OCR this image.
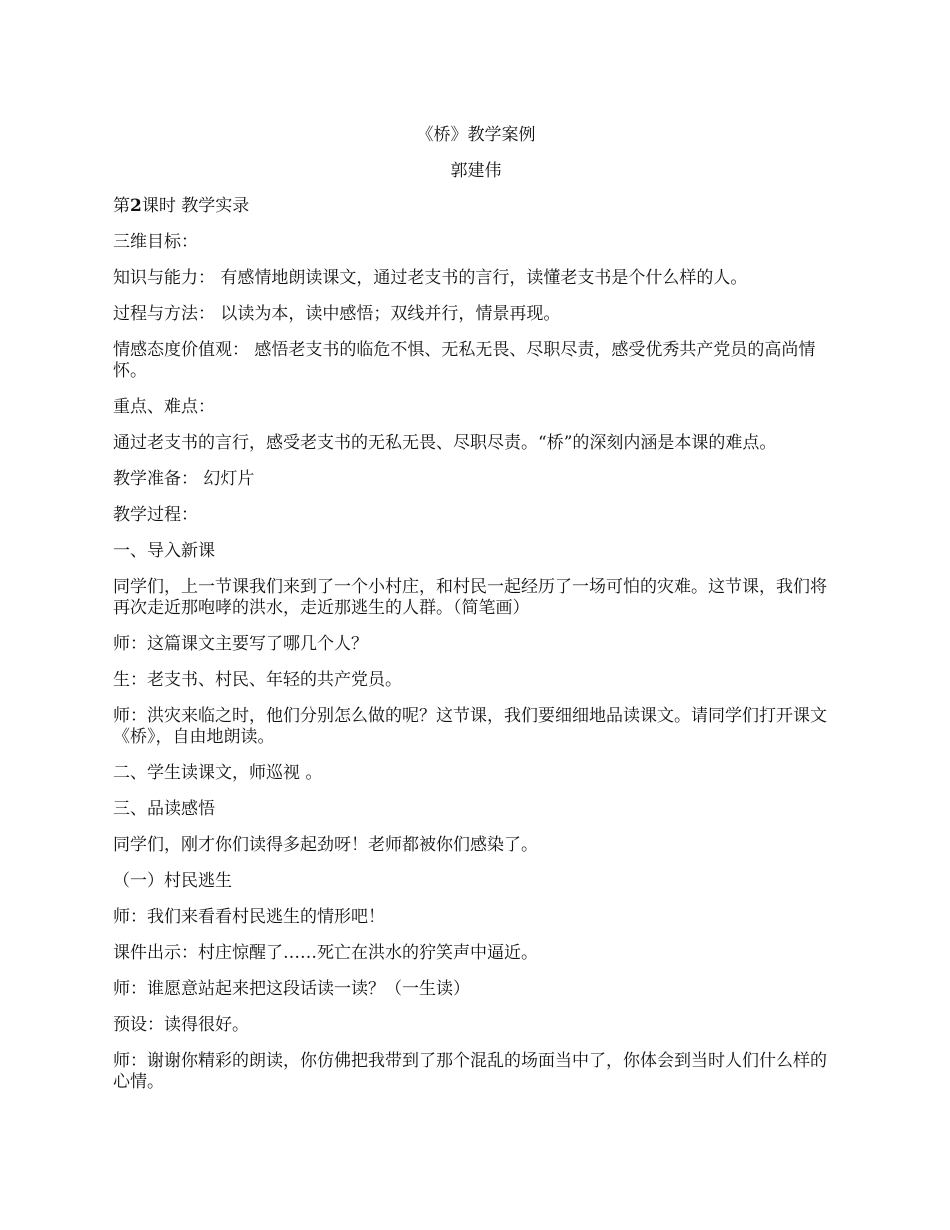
《桥》教学案例
郭建伟
第2课时 教学实录
三维目标：
知识与能力： 有感情地朗读课文，通过老支书的言行，读懂老支书是个什么样的人。
过程与方法： 以读为本，读中感悟；双线并行，情景再现。
情感态度价值观： 感悟老支书的临危不惧、无私无畏、尽职尽责，感受优秀共产党员的高尚情怀。
重点、难点：
通过老支书的言行，感受老支书的无私无畏、尽职尽责。“桥”的深刻内涵是本课的难点。
教学准备： 幻灯片
教学过程：
一、导入新课
同学们，上一节课我们来到了一个小村庄，和村民一起经历了一场可怕的灾难。这节课，我们将再次走近那咆哮的洪水，走近那逃生的人群。（简笔画）
师：这篇课文主要写了哪几个人？
生：老支书、村民、年轻的共产党员。
师：洪灾来临之时，他们分别怎么做的呢？这节课，我们要细细地品读课文。请同学们打开课文《桥》，自由地朗读。
二、学生读课文，师巡视 。
三、品读感悟
同学们，刚才你们读得多起劲呀！老师都被你们感染了。
（一）村民逃生
师：我们来看看村民逃生的情形吧！
课件出示：村庄惊醒了……死亡在洪水的狞笑声中逼近。
师：谁愿意站起来把这段话读一读？（一生读）
预设：读得很好。
师：谢谢你精彩的朗读，你仿佛把我带到了那个混乱的场面当中了，你体会到当时人们什么样的心情。
